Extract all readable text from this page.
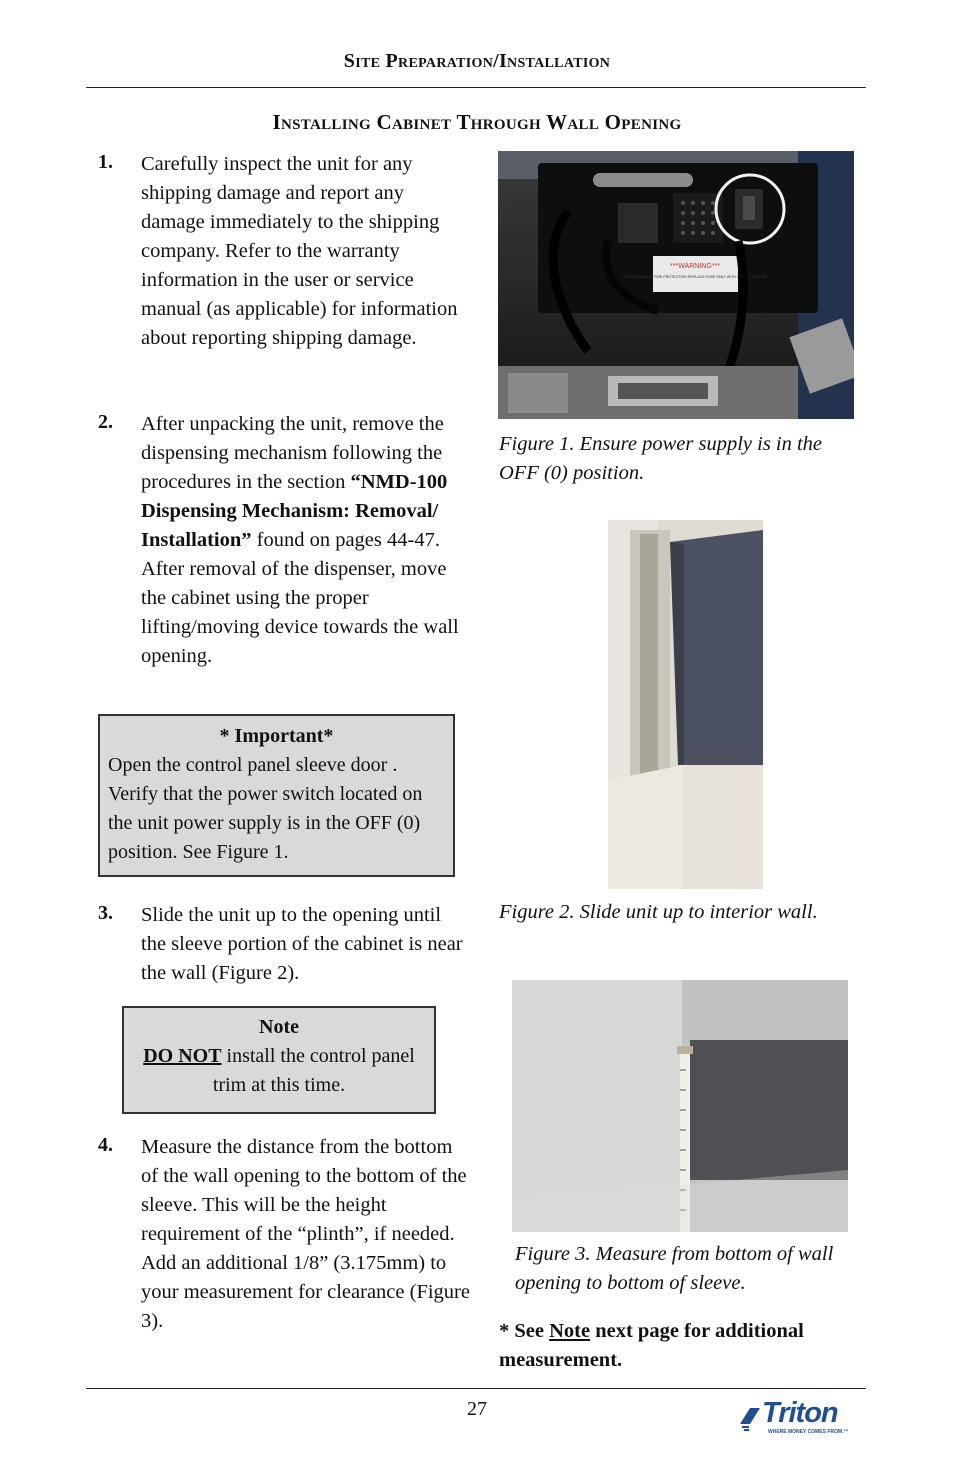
Site Preparation/Installation
Installing Cabinet Through Wall Opening
1. Carefully inspect the unit for any shipping damage and report any damage immediately to the shipping company. Refer to the warranty information in the user or service manual (as applicable) for information about reporting shipping damage.
2. After unpacking the unit, remove the dispensing mechanism following the procedures in the section “NMD-100 Dispensing Mechanism: Removal/ Installation” found on pages 44-47. After removal of the dispenser, move the cabinet using the proper lifting/moving device towards the wall opening.
* Important*
Open the control panel sleeve door . Verify that the power switch located on the unit power supply is in the OFF (0) position. See Figure 1.
3. Slide the unit up to the opening until the sleeve portion of the cabinet is near the wall (Figure 2).
Note
DO NOT install the control panel trim at this time.
4. Measure the distance from the bottom of the wall opening to the bottom of the sleeve. This will be the height requirement of the “plinth”, if needed. Add an additional 1/8” (3.175mm) to your measurement for clearance (Figure 3).
***WARNING***
FOR CONTINUED FIRE PROTECTION REPLACE FUSE ONLY WITH 250 VAC 5A FUSE
Figure 1. Ensure power supply is in the OFF (0) position.
Figure 2. Slide unit up to interior wall.
Figure 3. Measure from bottom of wall opening to bottom of sleeve.
* See Note next page for additional measurement.
27	Triton
WHERE MONEY COMES FROM.™
